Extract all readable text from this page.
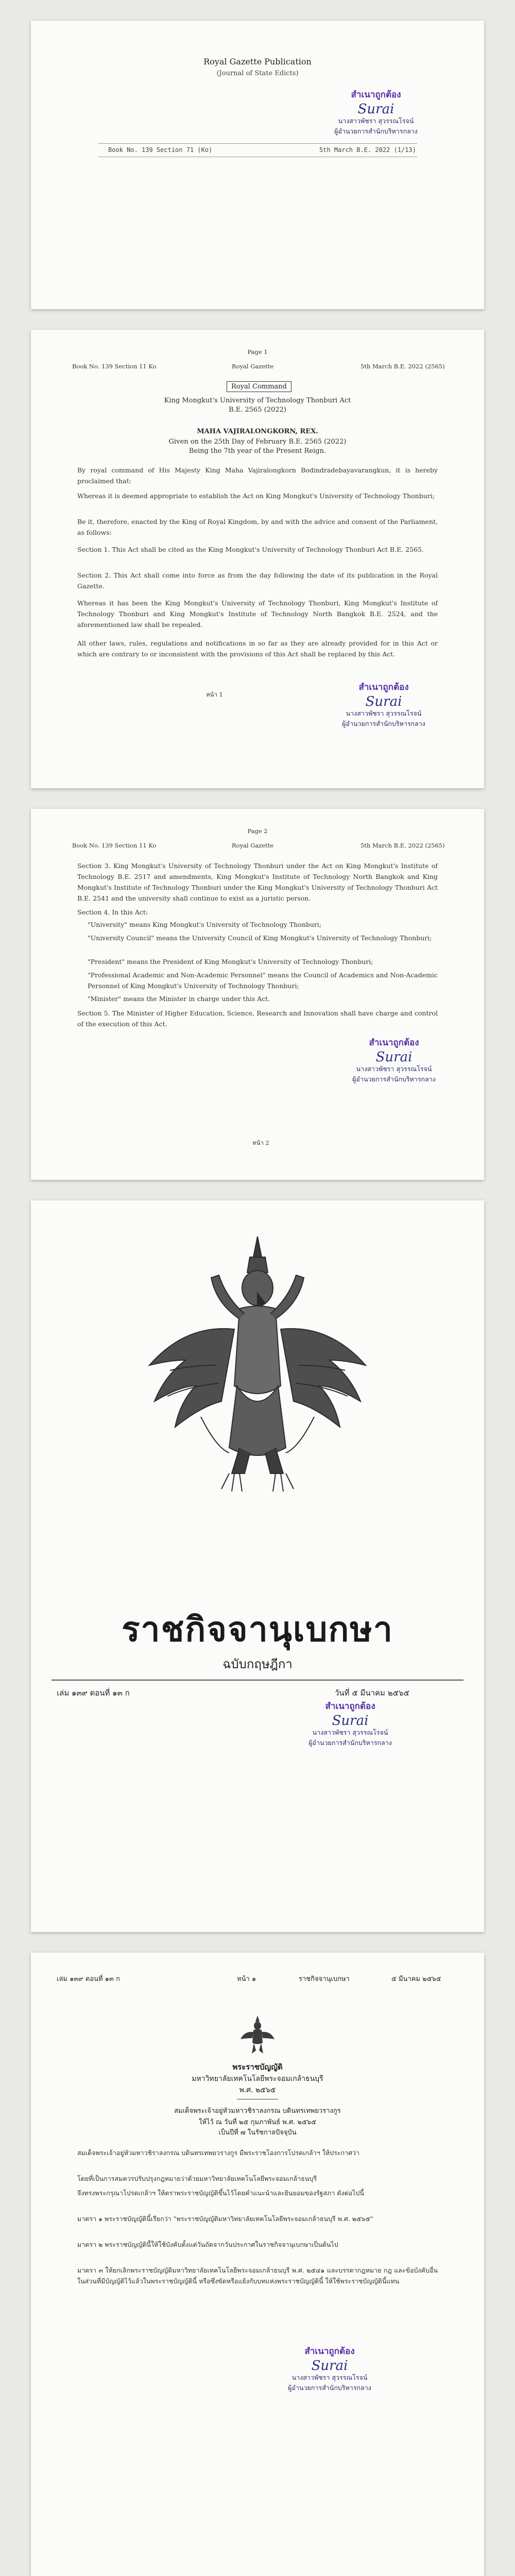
Royal Gazette Publication
(Journal of State Edicts)
สำเนาถูกต้อง
Surai
นางสาวพัชรา สุวรรณโรจน์
ผู้อำนวยการสำนักบริหารกลาง
Book No. 139 Section 71 (Ko)	5th March B.E. 2022 (1/13)
Page 1
Book No. 139 Section 11 Ko	Royal Gazette	5th March B.E. 2022 (2565)
Royal Command
King Mongkut's University of Technology Thonburi Act
B.E. 2565 (2022)
MAHA VAJIRALONGKORN, REX.
Given on the 25th Day of February B.E. 2565 (2022)
Being the 7th year of the Present Reign.
By royal command of His Majesty King Maha Vajiralongkorn Bodindradebayavarangkun, it is hereby proclaimed that:
Whereas it is deemed appropriate to establish the Act on King Mongkut's University of Technology Thonburi;
Be it, therefore, enacted by the King of Royal Kingdom, by and with the advice and consent of the Parliament, as follows:
Section 1. This Act shall be cited as the King Mongkut's University of Technology Thonburi Act B.E. 2565.
Section 2. This Act shall come into force as from the day following the date of its publication in the Royal Gazette.
Whereas it has been the King Mongkut's University of Technology Thonburi, King Mongkut's Institute of Technology Thonburi and King Mongkut's Institute of Technology North Bangkok B.E. 2524, and the aforementioned law shall be repealed.
All other laws, rules, regulations and notifications in so far as they are already provided for in this Act or which are contrary to or inconsistent with the provisions of this Act shall be replaced by this Act.
สำเนาถูกต้อง
Surai
นางสาวพัชรา สุวรรณโรจน์
ผู้อำนวยการสำนักบริหารกลาง
หน้า 1
Page 2
Book No. 139 Section 11 Ko	Royal Gazette	5th March B.E. 2022 (2565)
Section 3. King Mongkut's University of Technology Thonburi under the Act on King Mongkut's Institute of Technology B.E. 2517 and amendments, King Mongkut's Institute of Technology North Bangkok and King Mongkut's Institute of Technology Thonburi under the King Mongkut's University of Technology Thonburi Act B.E. 2541 and the university shall continue to exist as a juristic person.
Section 4. In this Act:
"University" means King Mongkut's University of Technology Thonburi;
"University Council" means the University Council of King Mongkut's University of Technology Thonburi;
"President" means the President of King Mongkut's University of Technology Thonburi;
"Professional Academic and Non-Academic Personnel" means the Council of Academics and Non-Academic Personnel of King Mongkut's University of Technology Thonburi;
"Minister" means the Minister in charge under this Act.
Section 5. The Minister of Higher Education, Science, Research and Innovation shall have charge and control of the execution of this Act.
สำเนาถูกต้อง
Surai
นางสาวพัชรา สุวรรณโรจน์
ผู้อำนวยการสำนักบริหารกลาง
หน้า 2
ราชกิจจานุเบกษา
ฉบับกฤษฎีกา
เล่ม ๑๓๙ ตอนที่ ๑๓ ก	วันที่ ๕ มีนาคม ๒๕๖๕
สำเนาถูกต้อง
Surai
นางสาวพัชรา สุวรรณโรจน์
ผู้อำนวยการสำนักบริหารกลาง
เล่ม ๑๓๙ ตอนที่ ๑๓ ก	หน้า ๑	ราชกิจจานุเบกษา	๕ มีนาคม ๒๕๖๕
พระราชบัญญัติ
มหาวิทยาลัยเทคโนโลยีพระจอมเกล้าธนบุรี
พ.ศ. ๒๕๖๕
สมเด็จพระเจ้าอยู่หัวมหาวชิราลงกรณ บดินทรเทพยวรางกูร
ให้ไว้ ณ วันที่ ๒๕ กุมภาพันธ์ พ.ศ. ๒๕๖๕
เป็นปีที่ ๗ ในรัชกาลปัจจุบัน
สมเด็จพระเจ้าอยู่หัวมหาวชิราลงกรณ บดินทรเทพยวรางกูร มีพระราชโองการโปรดเกล้าฯ ให้ประกาศว่า
โดยที่เป็นการสมควรปรับปรุงกฎหมายว่าด้วยมหาวิทยาลัยเทคโนโลยีพระจอมเกล้าธนบุรี
จึงทรงพระกรุณาโปรดเกล้าฯ ให้ตราพระราชบัญญัติขึ้นไว้โดยคำแนะนำและยินยอมของรัฐสภา ดังต่อไปนี้
มาตรา ๑ พระราชบัญญัตินี้เรียกว่า "พระราชบัญญัติมหาวิทยาลัยเทคโนโลยีพระจอมเกล้าธนบุรี พ.ศ. ๒๕๖๕"
มาตรา ๒ พระราชบัญญัตินี้ให้ใช้บังคับตั้งแต่วันถัดจากวันประกาศในราชกิจจานุเบกษาเป็นต้นไป
มาตรา ๓ ให้ยกเลิกพระราชบัญญัติมหาวิทยาลัยเทคโนโลยีพระจอมเกล้าธนบุรี พ.ศ. ๒๕๔๑ และบรรดากฎหมาย กฎ และข้อบังคับอื่นในส่วนที่มีบัญญัติไว้แล้วในพระราชบัญญัตินี้ หรือซึ่งขัดหรือแย้งกับบทแห่งพระราชบัญญัตินี้ ให้ใช้พระราชบัญญัตินี้แทน
สำเนาถูกต้อง
Surai
นางสาวพัชรา สุวรรณโรจน์
ผู้อำนวยการสำนักบริหารกลาง
